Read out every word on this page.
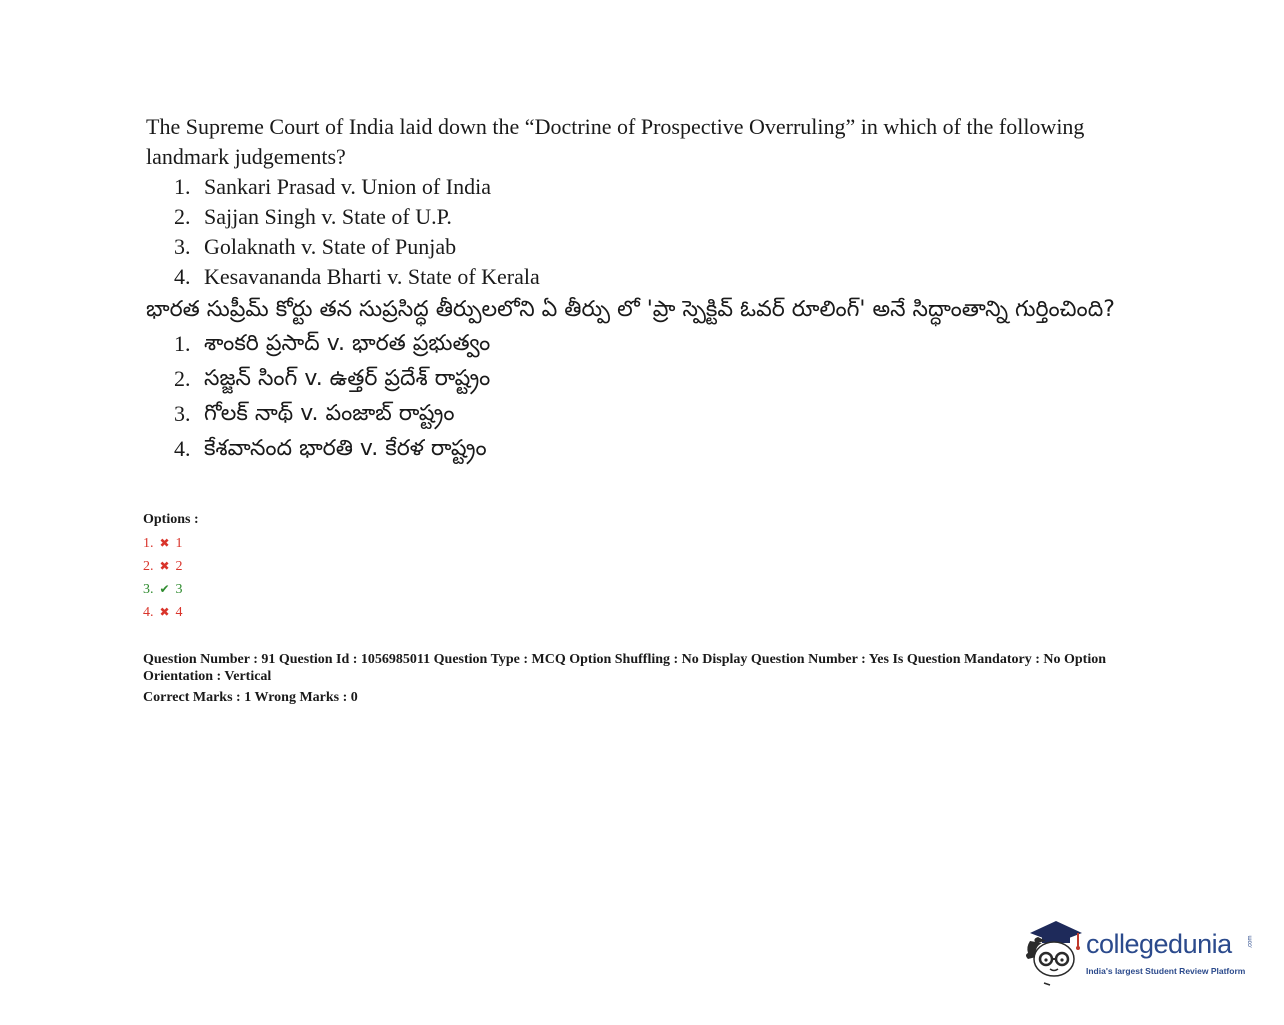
The Supreme Court of India laid down the “Doctrine of Prospective Overruling” in which of the following landmark judgements?

1. Sankari Prasad v. Union of India
2. Sajjan Singh v. State of U.P.
3. Golaknath v. State of Punjab
4. Kesavananda Bharti v. State of Kerala

భారత సుప్రీమ్ కోర్టు తన సుప్రసిద్ధ తీర్పులలోని ఏ తీర్పు లో 'ప్రా స్పెక్టివ్ ఓవర్ రూలింగ్' అనే సిద్ధాంతాన్ని గుర్తించింది?

1. శాంకరి ప్రసాద్ v. భారత ప్రభుత్వం
2. సజ్జన్ సింగ్ v. ఉత్తర్ ప్రదేశ్ రాష్ట్రం
3. గోలక్ నాథ్ v. పంజాబ్ రాష్ట్రం
4. కేశవానంద భారతి v. కేరళ రాష్ట్రం
Options :
1. ✖ 1
2. ✖ 2
3. ✔ 3
4. ✖ 4

Question Number : 91 Question Id : 1056985011 Question Type : MCQ Option Shuffling : No Display Question Number : Yes Is Question Mandatory : No Option Orientation : Vertical

Correct Marks : 1 Wrong Marks : 0

collegedunia	.com
India's largest Student Review Platform
